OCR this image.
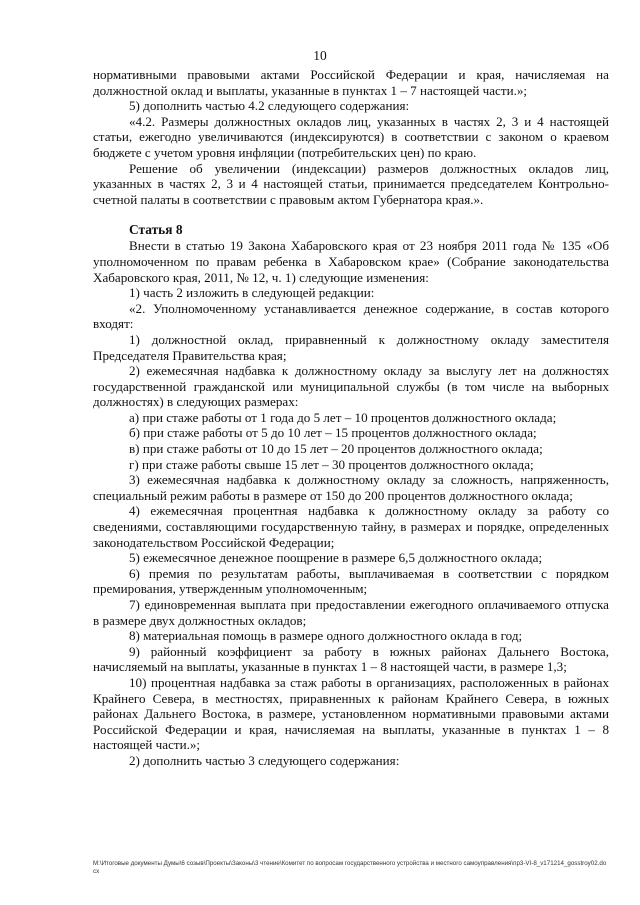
10

нормативными правовыми актами Российской Федерации и края, начисляемая на должностной оклад и выплаты, указанные в пунктах 1 – 7 настоящей части.»;

5) дополнить частью 4.2 следующего содержания:

«4.2. Размеры должностных окладов лиц, указанных в частях 2, 3 и 4 настоящей статьи, ежегодно увеличиваются (индексируются) в соответствии с законом о краевом бюджете с учетом уровня инфляции (потребительских цен) по краю.

Решение об увеличении (индексации) размеров должностных окладов лиц, указанных в частях 2, 3 и 4 настоящей статьи, принимается председателем Контрольно-счетной палаты в соответствии с правовым актом Губернатора края.».

Статья 8

Внести в статью 19 Закона Хабаровского края от 23 ноября 2011 года № 135 «Об уполномоченном по правам ребенка в Хабаровском крае» (Собрание законодательства Хабаровского края, 2011, № 12, ч. 1) следующие изменения:

1) часть 2 изложить в следующей редакции:

«2. Уполномоченному устанавливается денежное содержание, в состав которого входят:

1) должностной оклад, приравненный к должностному окладу заместителя Председателя Правительства края;

2) ежемесячная надбавка к должностному окладу за выслугу лет на должностях государственной гражданской или муниципальной службы (в том числе на выборных должностях) в следующих размерах:

а) при стаже работы от 1 года до 5 лет – 10 процентов должностного оклада;

б) при стаже работы от 5 до 10 лет – 15 процентов должностного оклада;

в) при стаже работы от 10 до 15 лет – 20 процентов должностного оклада;

г) при стаже работы свыше 15 лет – 30 процентов должностного оклада;

3) ежемесячная надбавка к должностному окладу за сложность, напряженность, специальный режим работы в размере от 150 до 200 процентов должностного оклада;

4) ежемесячная процентная надбавка к должностному окладу за работу со сведениями, составляющими государственную тайну, в размерах и порядке, определенных законодательством Российской Федерации;

5) ежемесячное денежное поощрение в размере 6,5 должностного оклада;

6) премия по результатам работы, выплачиваемая в соответствии с порядком премирования, утвержденным уполномоченным;

7) единовременная выплата при предоставлении ежегодного оплачиваемого отпуска в размере двух должностных окладов;

8) материальная помощь в размере одного должностного оклада в год;

9) районный коэффициент за работу в южных районах Дальнего Востока, начисляемый на выплаты, указанные в пунктах 1 – 8 настоящей части, в размере 1,3;

10) процентная надбавка за стаж работы в организациях, расположенных в районах Крайнего Севера, в местностях, приравненных к районам Крайнего Севера, в южных районах Дальнего Востока, в размере, установленном нормативными правовыми актами Российской Федерации и края, начисляемая на выплаты, указанные в пунктах 1 – 8 настоящей части.»;

2) дополнить частью 3 следующего содержания:

M:\Итоговые документы Думы\6 созыв\Проекты\Законы\3 чтение\Комитет по вопросам государственного устройства и местного самоуправления\пр3-VI-8_v171214_gosstroy02.docx
